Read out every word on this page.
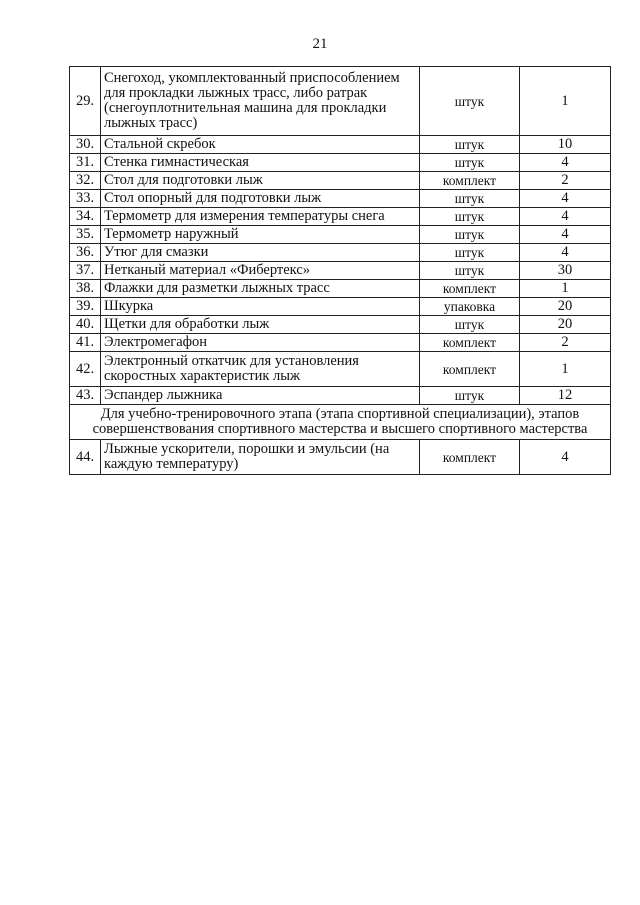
21
29.	Снегоход, укомплектованный приспособлением для прокладки лыжных трасс, либо ратрак (снегоуплотнительная машина для прокладки лыжных трасс)	штук	1
30.	Стальной скребок	штук	10
31.	Стенка гимнастическая	штук	4
32.	Стол для подготовки лыж	комплект	2
33.	Стол опорный для подготовки лыж	штук	4
34.	Термометр для измерения температуры снега	штук	4
35.	Термометр наружный	штук	4
36.	Утюг для смазки	штук	4
37.	Нетканый материал «Фибертекс»	штук	30
38.	Флажки для разметки лыжных трасс	комплект	1
39.	Шкурка	упаковка	20
40.	Щетки для обработки лыж	штук	20
41.	Электромегафон	комплект	2
42.	Электронный откатчик для установления скоростных характеристик лыж	комплект	1
43.	Эспандер лыжника	штук	12
Для учебно-тренировочного этапа (этапа спортивной специализации), этапов совершенствования спортивного мастерства и высшего спортивного мастерства			
44.	Лыжные ускорители, порошки и эмульсии (на каждую температуру)	комплект	4
